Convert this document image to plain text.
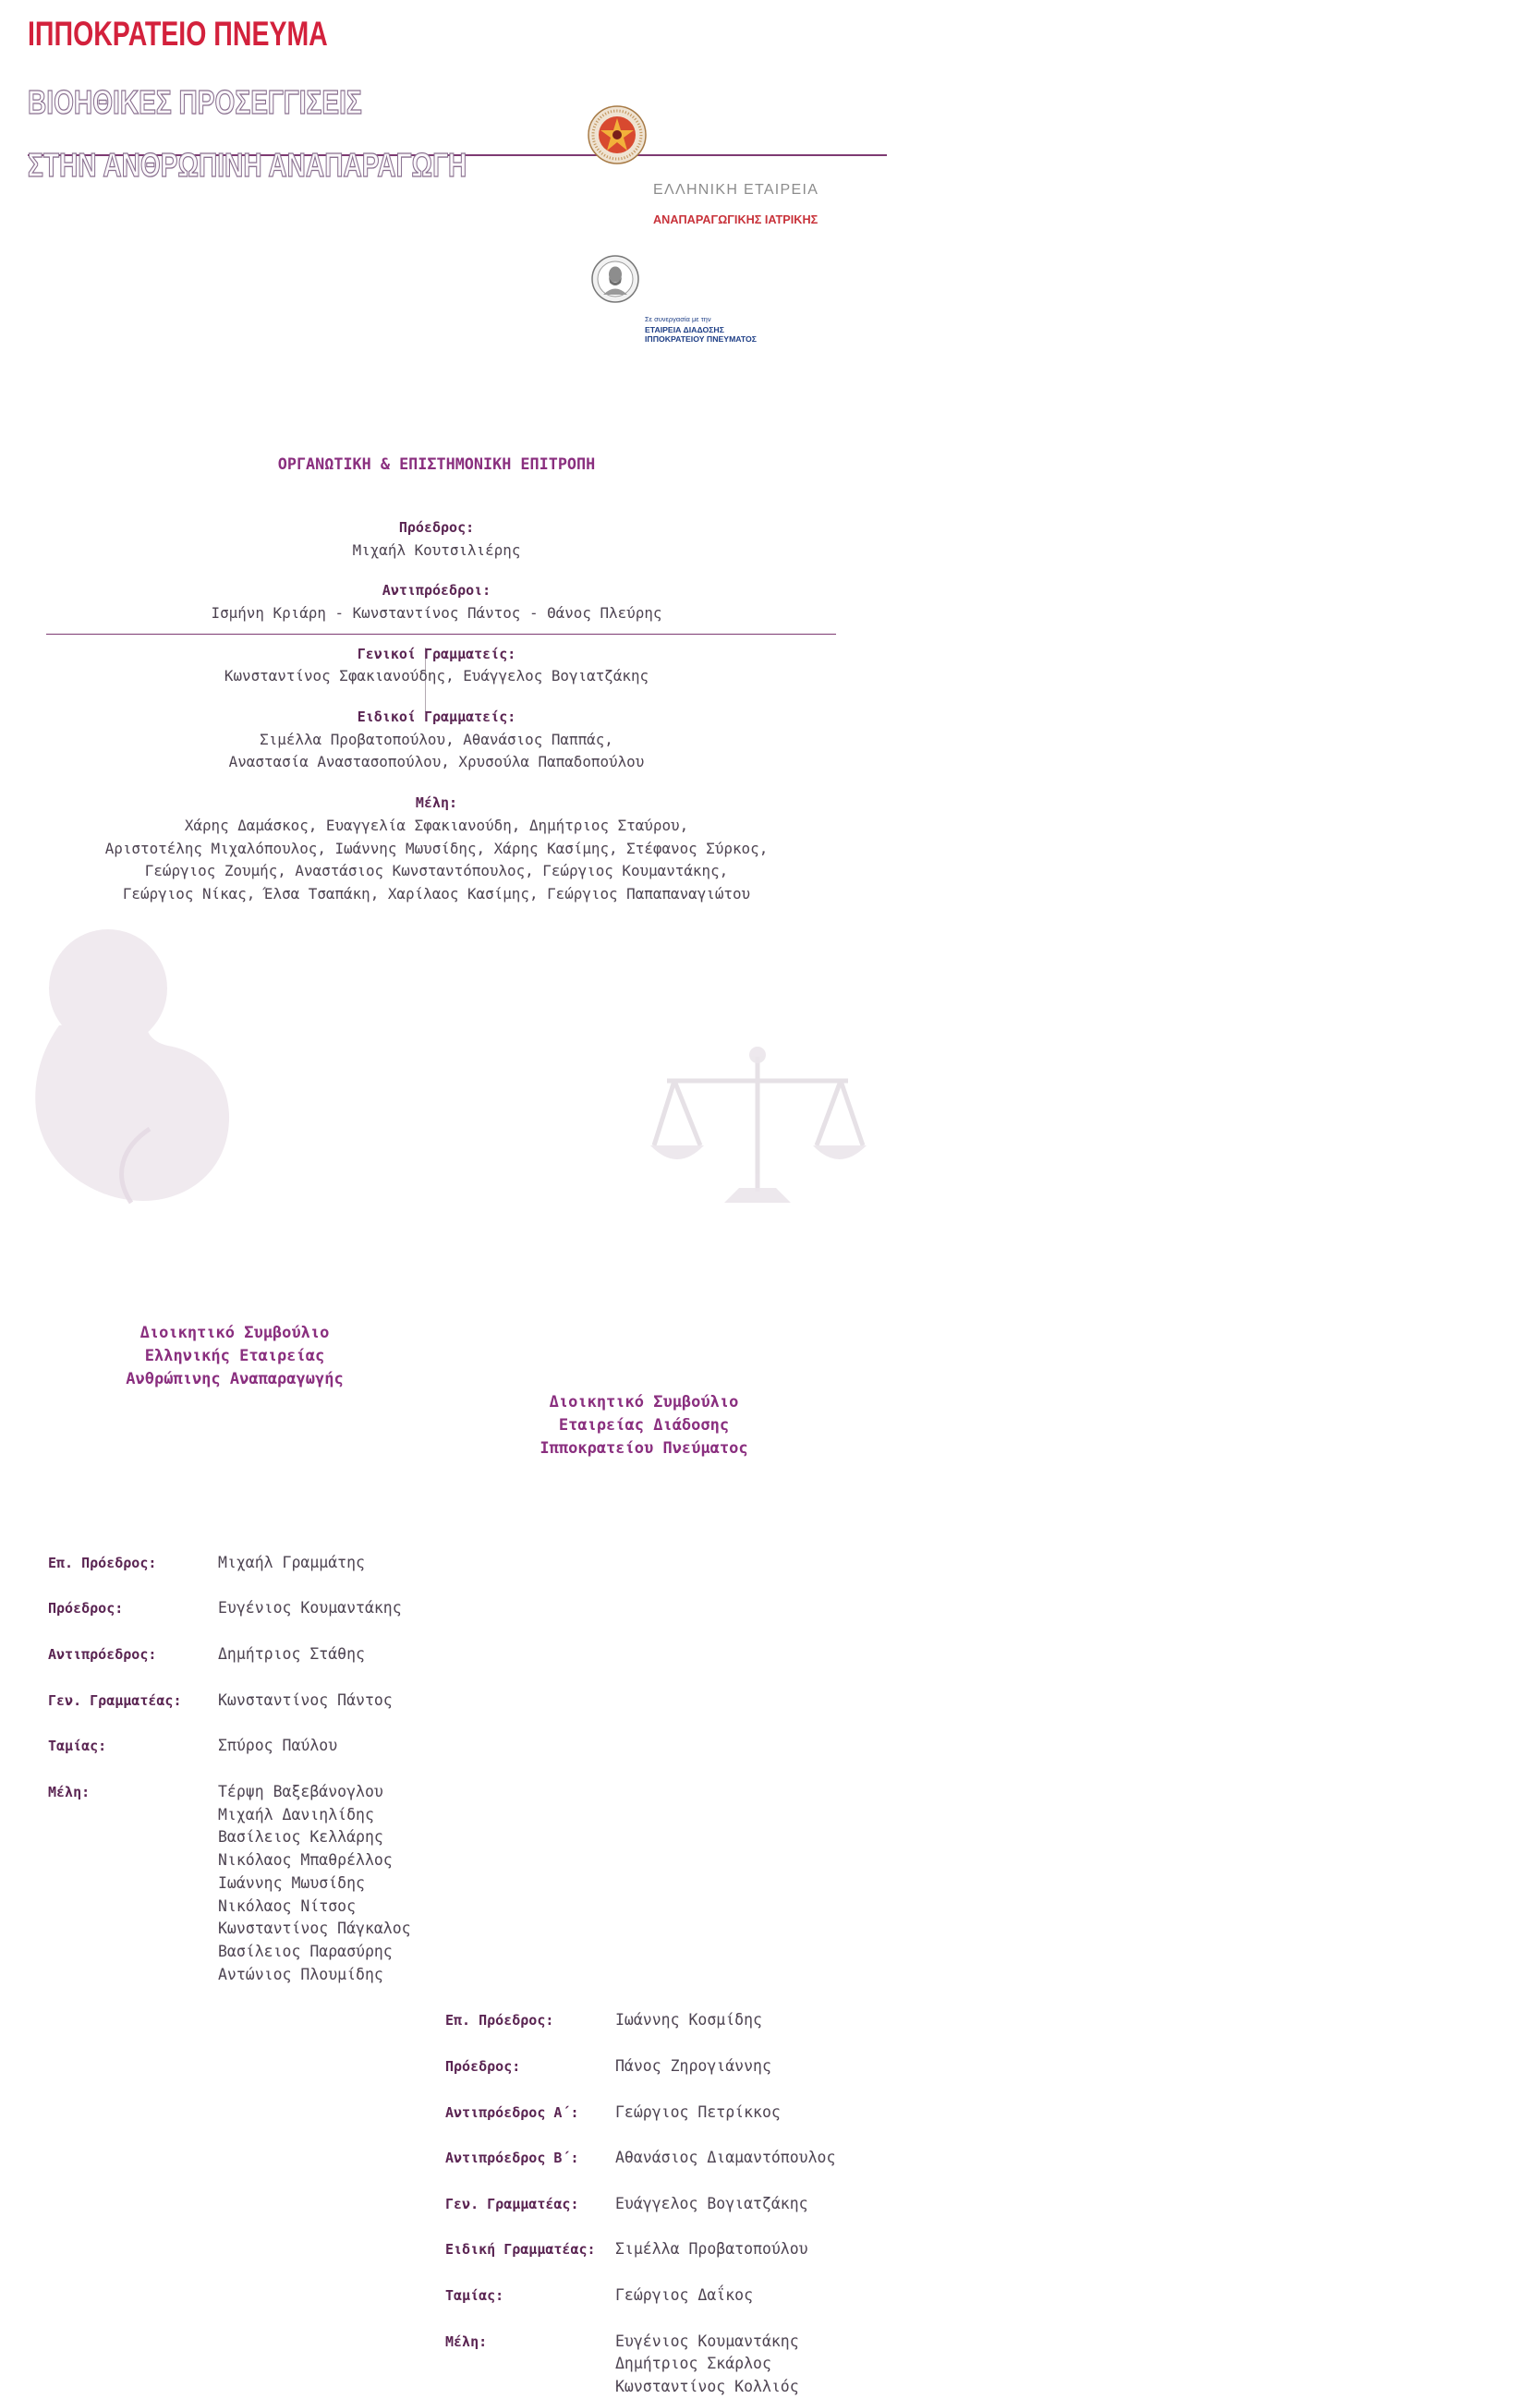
ΙΠΠΟΚΡΑΤΕΙΟ ΠΝΕΥΜΑ
ΒΙΟΗΘΙΚΕΣ ΠΡΟΣΕΓΓΙΣΕΙΣ
ΣΤΗΝ ΑΝΘΡΩΠΙΝΗ ΑΝΑΠΑΡΑΓΩΓΗ
ΕΛΛΗΝΙΚΗ ΕΤΑΙΡΕΙΑ
ΑΝΑΠΑΡΑΓΩΓΙΚΗΣ ΙΑΤΡΙΚΗΣ
Σε συνεργασία με την
ΕΤΑΙΡΕΙΑ ΔΙΑΔΟΣΗΣ
ΙΠΠΟΚΡΑΤΕΙΟΥ ΠΝΕΥΜΑΤΟΣ
ΟΡΓΑΝΩΤΙΚΗ & ΕΠΙΣΤΗΜΟΝΙΚΗ ΕΠΙΤΡΟΠΗ
Πρόεδρος:
Μιχαήλ Κουτσιλιέρης
Αντιπρόεδροι:
Ισμήνη Κριάρη - Κωνσταντίνος Πάντος - Θάνος Πλεύρης
Γενικοί Γραμματείς:
Κωνσταντίνος Σφακιανούδης, Ευάγγελος Βογιατζάκης
Ειδικοί Γραμματείς:
Σιμέλλα Προβατοπούλου, Αθανάσιος Παππάς,
Αναστασία Αναστασοπούλου, Χρυσούλα Παπαδοπούλου
Μέλη:
Χάρης Δαμάσκος, Ευαγγελία Σφακιανούδη, Δημήτριος Σταύρου,
Αριστοτέλης Μιχαλόπουλος, Ιωάννης Μωυσίδης, Χάρης Κασίμης, Στέφανος Σύρκος,
Γεώργιος Ζουμής, Αναστάσιος Κωνσταντόπουλος, Γεώργιος Κουμαντάκης,
Γεώργιος Νίκας, Έλσα Τσαπάκη, Χαρίλαος Κασίμης, Γεώργιος Παπαπαναγιώτου
Διοικητικό Συμβούλιο
Ελληνικής Εταιρείας
Ανθρώπινης Αναπαραγωγής
Διοικητικό Συμβούλιο
Εταιρείας Διάδοσης
Ιπποκρατείου Πνεύματος
Επ. Πρόεδρος:	Μιχαήλ Γραμμάτης
Πρόεδρος:	Ευγένιος Κουμαντάκης
Αντιπρόεδρος:	Δημήτριος Στάθης
Γεν. Γραμματέας:	Κωνσταντίνος Πάντος
Ταμίας:	Σπύρος Παύλου
Μέλη:	Τέρψη Βαξεβάνογλου
Μιχαήλ Δανιηλίδης
Βασίλειος Κελλάρης
Νικόλαος Μπαθρέλλος
Ιωάννης Μωυσίδης
Νικόλαος Νίτσος
Κωνσταντίνος Πάγκαλος
Βασίλειος Παρασύρης
Αντώνιος Πλουμίδης
Επ. Πρόεδρος:	Ιωάννης Κοσμίδης
Πρόεδρος:	Πάνος Ζηρογιάννης
Αντιπρόεδρος Α΄:	Γεώργιος Πετρίκκος
Αντιπρόεδρος Β΄:	Αθανάσιος Διαμαντόπουλος
Γεν. Γραμματέας:	Ευάγγελος Βογιατζάκης
Ειδική Γραμματέας:	Σιμέλλα Προβατοπούλου
Ταμίας:	Γεώργιος Δαΐκος
Μέλη:	Ευγένιος Κουμαντάκης
Δημήτριος Σκάρλος
Κωνσταντίνος Κολλιός
